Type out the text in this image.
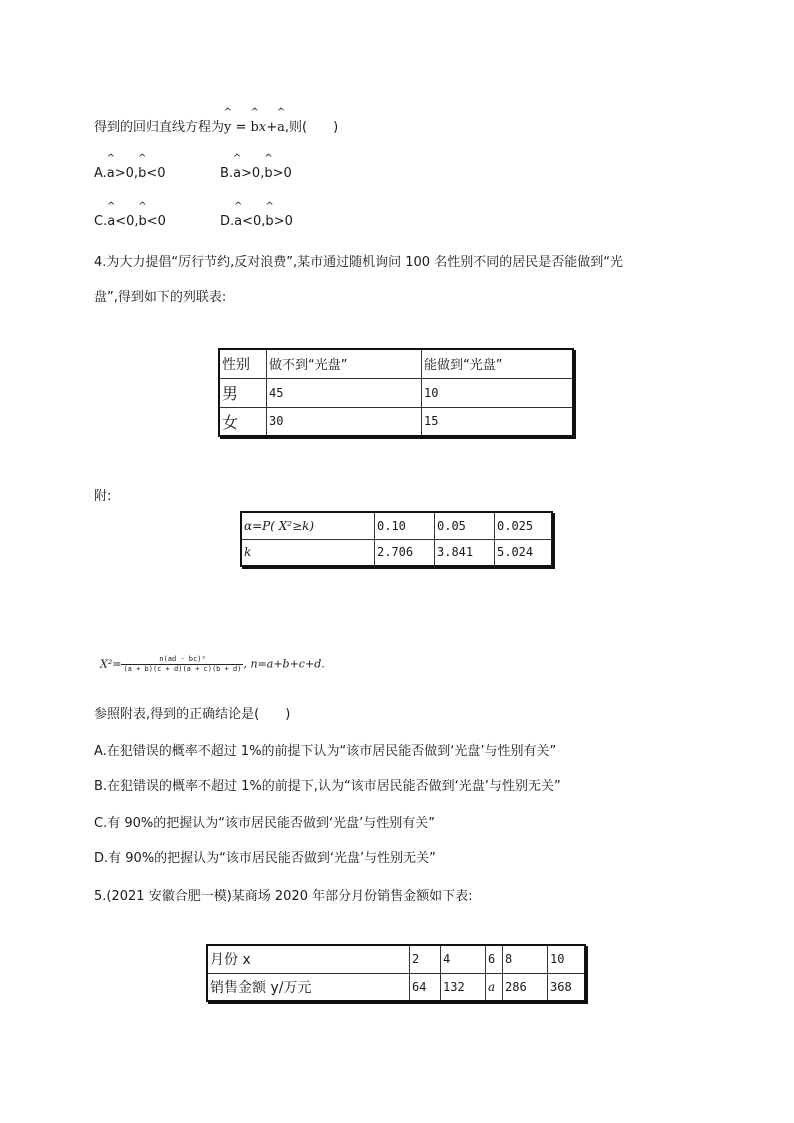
得到的回归直线方程为
^
y =
^
bx+
^
a,则(　　)
A.
^
a>0,
^
b<0	B.
^
a>0,
^
b>0
C.
^
a<0,
^
b<0	D.
^
a<0,
^
b>0
4.为大力提倡“厉行节约,反对浪费”,某市通过随机询问 100 名性别不同的居民是否能做到“光
盘”,得到如下的列联表:
性别	做不到“光盘”	能做到“光盘”
男	45	10
女	30	15
附:
α=P( X²≥k)	0.10	0.05	0.025
k	2.706	3.841	5.024
$X^2= \frac{\text{n(ad - bc)²}}{(a + b)(c + d)(a + c)(b + d)}$ , n=a+b+c+d.
参照附表,得到的正确结论是(　　)
A.在犯错误的概率不超过 1%的前提下认为“该市居民能否做到‘光盘’与性别有关”
B.在犯错误的概率不超过 1%的前提下,认为“该市居民能否做到‘光盘’与性别无关”
C.有 90%的把握认为“该市居民能否做到‘光盘’与性别有关”
D.有 90%的把握认为“该市居民能否做到‘光盘’与性别无关”
5.(2021 安徽合肥一模)某商场 2020 年部分月份销售金额如下表:
月份 x	2	4	6	8	10
销售金额 y/万元	64	132	a	286	368
